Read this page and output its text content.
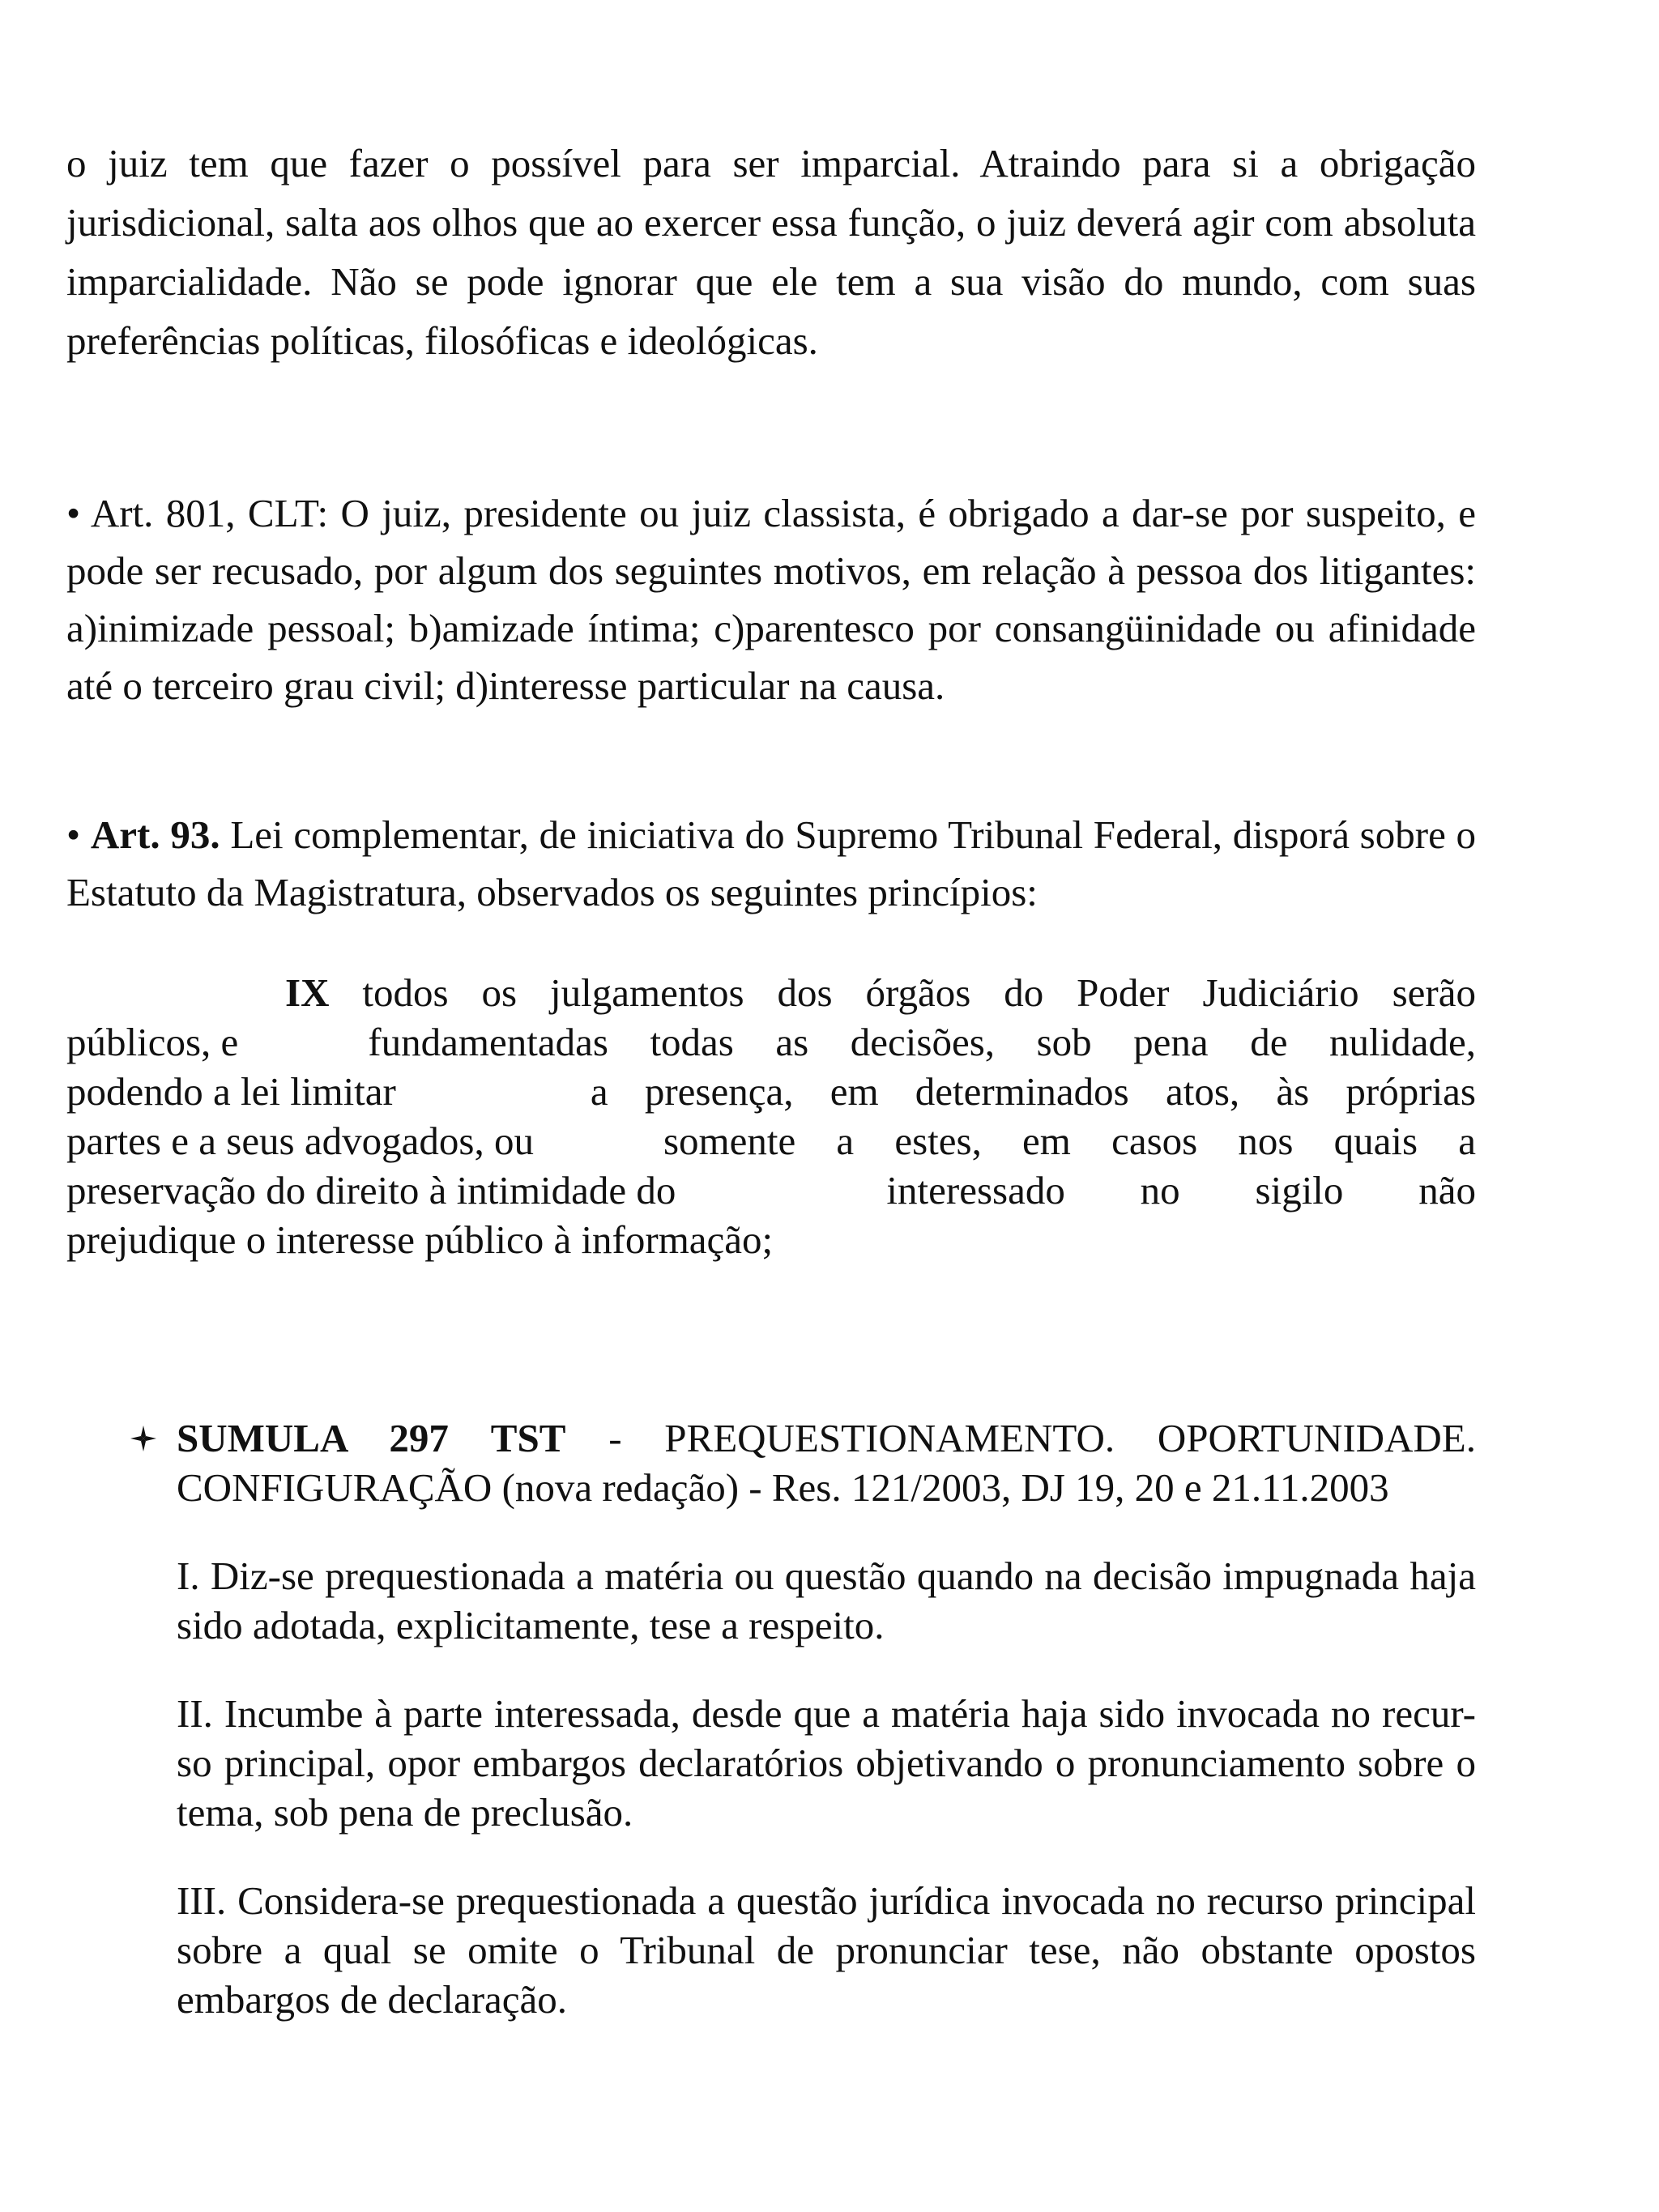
o juiz tem que fazer o possível para ser imparcial. Atraindo para si a obrigação jurisdicional, salta aos olhos que ao exercer essa função, o juiz deverá agir com absoluta imparcialidade. Não se pode ignorar que ele tem a sua visão do mundo, com suas preferências políticas, filosóficas e ideológicas.
• Art. 801, CLT: O juiz, presidente ou juiz classista, é obrigado a dar-se por suspeito, e pode ser recusado, por algum dos seguintes motivos, em relação à pessoa dos litigantes: a)inimizade pessoal; b)amizade íntima; c)parentesco por consangüinidade ou afinidade até o terceiro grau civil; d)interesse particular na causa.
• Art. 93. Lei complementar, de iniciativa do Supremo Tribunal Federal, disporá sobre o Estatuto da Magistratura, observados os seguintes princípios:
IX todos os julgamentos dos órgãos do Poder Judiciário serão
públicos, e	fundamentadas todas as decisões, sob pena de nulidade,
podendo a lei limitar	a presença, em determinados atos, às próprias
partes e a seus advogados, ou	somente a estes, em casos nos quais a
preservação do direito à intimidade do	interessado no sigilo não
prejudique o interesse público à informação;
SUMULA 297 TST - PREQUESTIONAMENTO. OPORTUNIDADE. CONFIGURAÇÃO (nova redação) - Res. 121/2003, DJ 19, 20 e 21.11.2003
I. Diz-se prequestionada a matéria ou questão quando na decisão impugnada haja sido adotada, explicitamente, tese a respeito.
II. Incumbe à parte interessada, desde que a matéria haja sido invocada no recur-so principal, opor embargos declaratórios objetivando o pronunciamento sobre o tema, sob pena de preclusão.
III. Considera-se prequestionada a questão jurídica invocada no recurso principal sobre a qual se omite o Tribunal de pronunciar tese, não obstante opostos embargos de declaração.
